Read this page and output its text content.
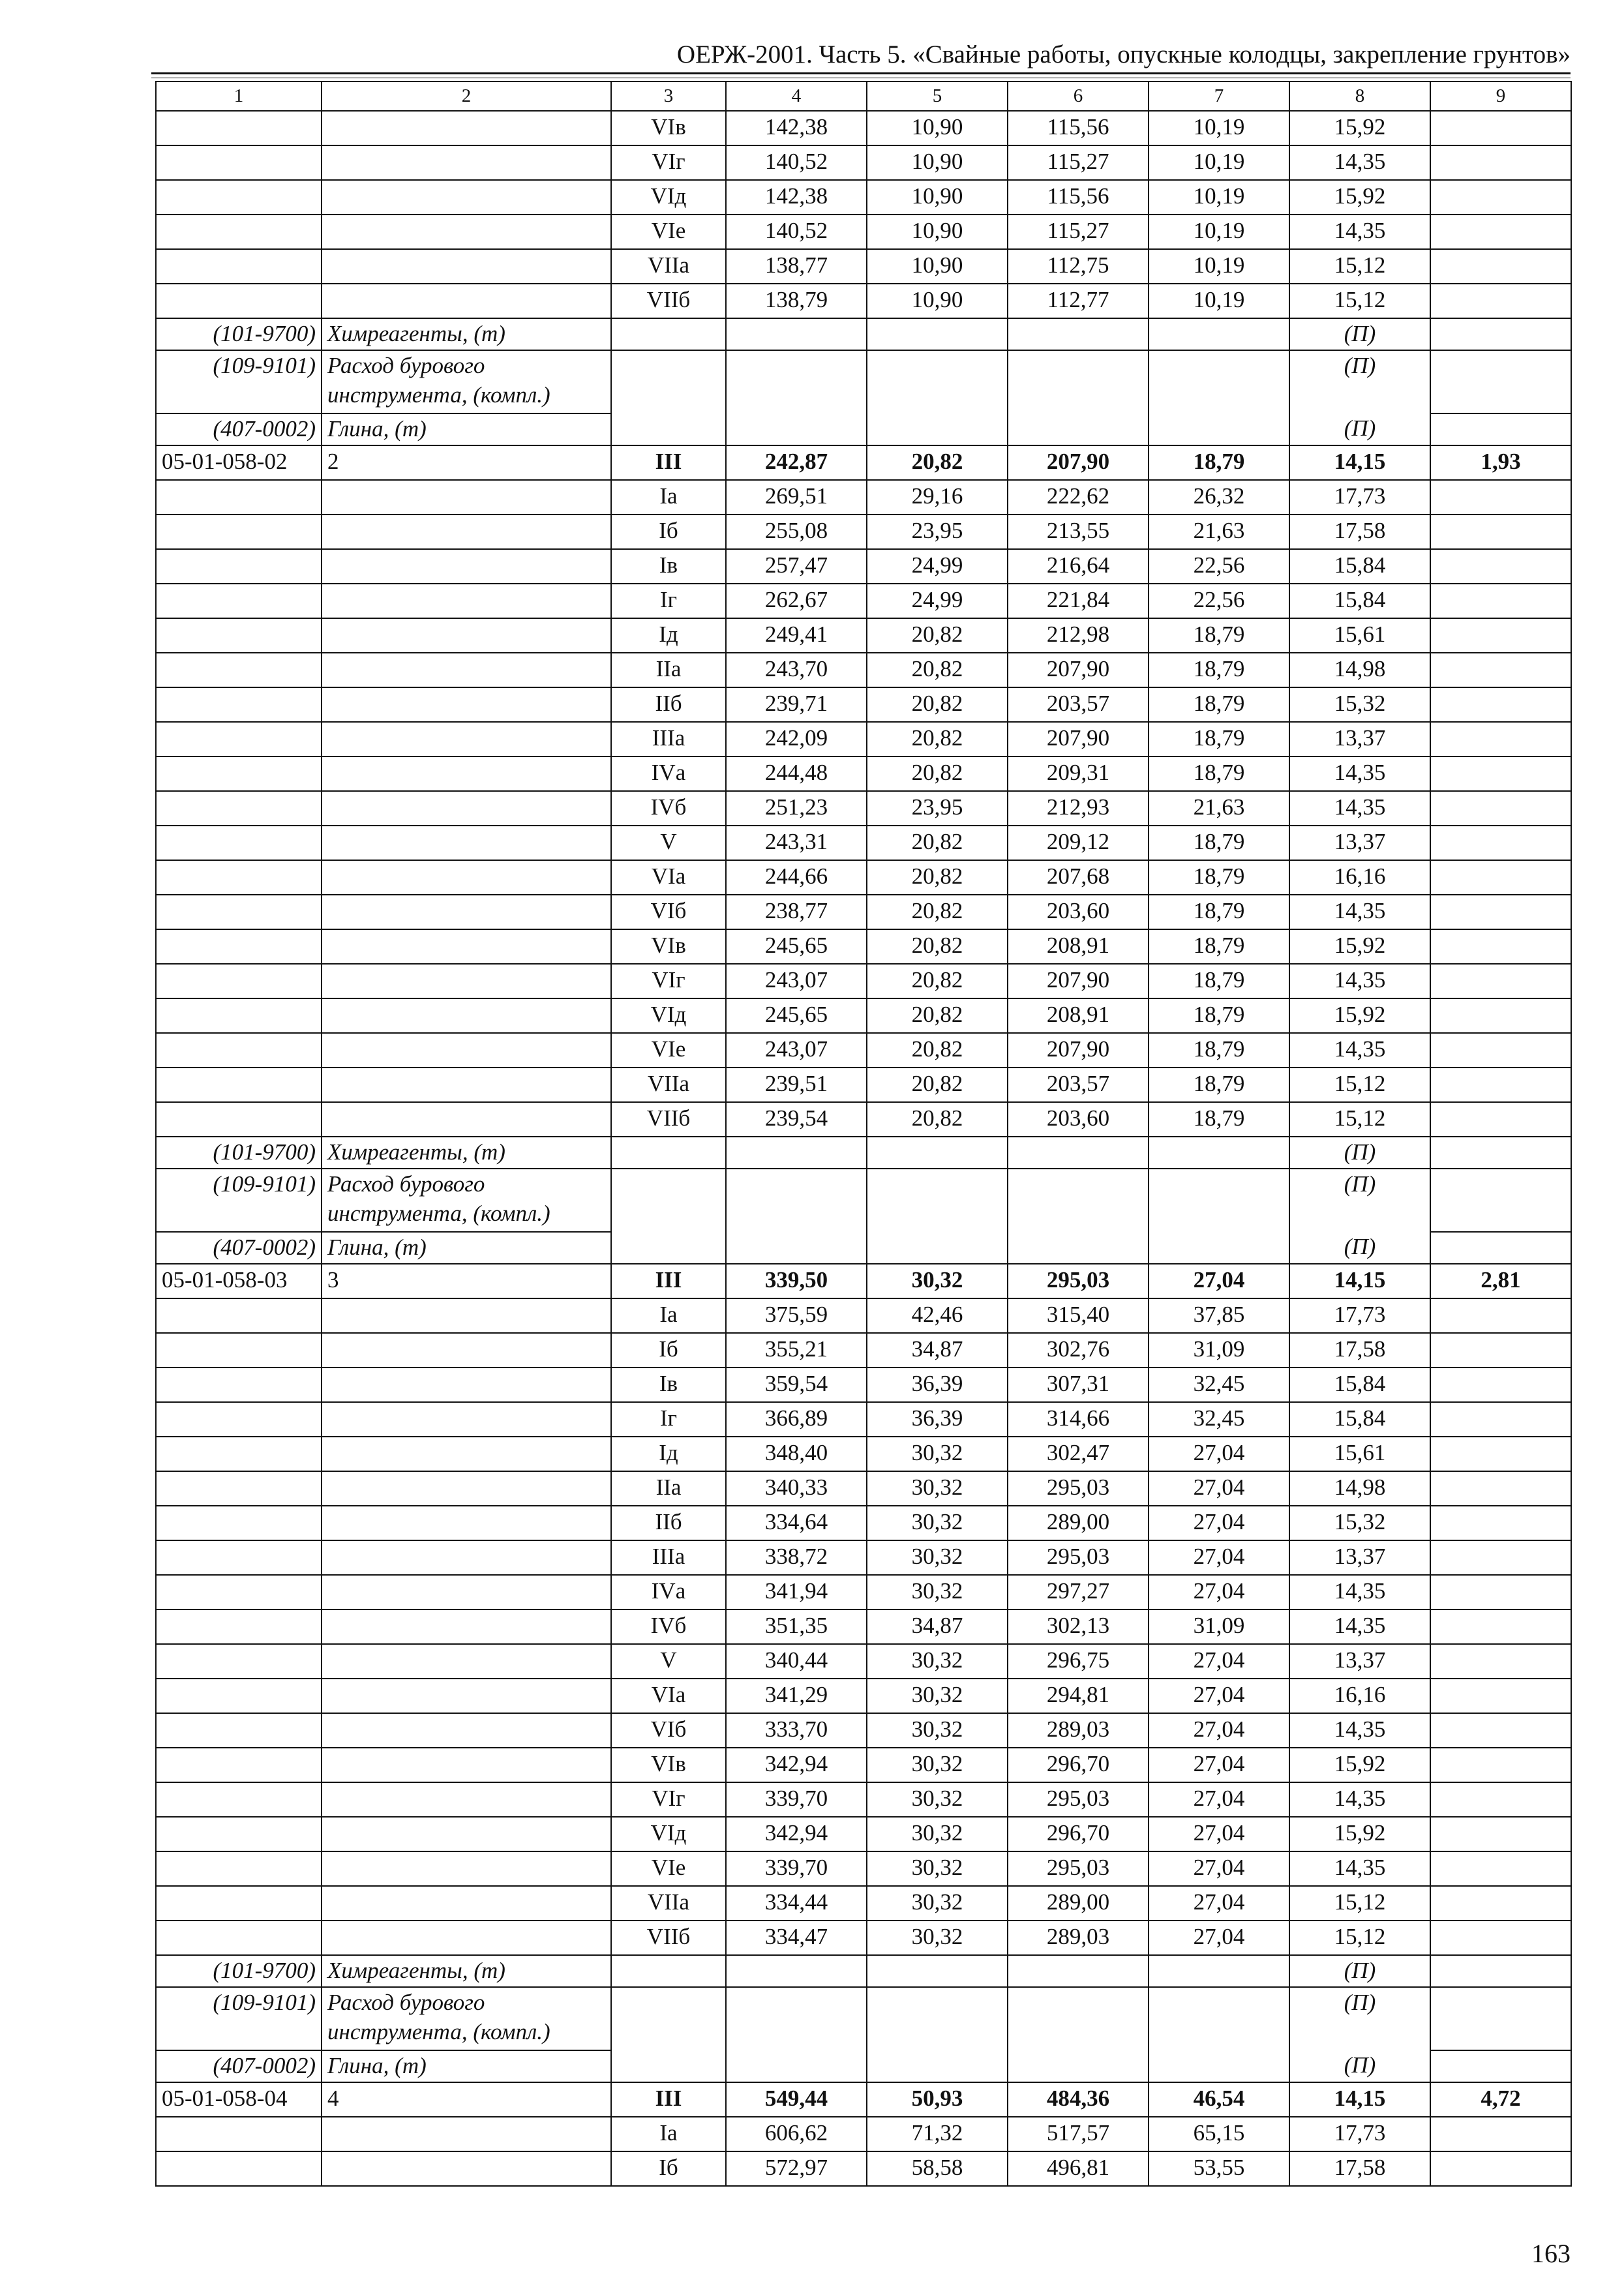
ОЕРЖ-2001. Часть 5. «Свайные работы, опускные колодцы, закрепление грунтов»
1	2	3	4	5	6	7	8	9
		VIв	142,38	10,90	115,56	10,19	15,92	
		VIг	140,52	10,90	115,27	10,19	14,35	
		VIд	142,38	10,90	115,56	10,19	15,92	
		VIе	140,52	10,90	115,27	10,19	14,35	
		VIIа	138,77	10,90	112,75	10,19	15,12	
		VIIб	138,79	10,90	112,77	10,19	15,12	
(101-9700)	Химреагенты, (т)						(П)	
(109-9101)	Расход бурового инструмента, (компл.)						(П)	
(407-0002)	Глина, (т)						(П)	
05-01-058-02	2	III	242,87	20,82	207,90	18,79	14,15	1,93
		Iа	269,51	29,16	222,62	26,32	17,73	
		Iб	255,08	23,95	213,55	21,63	17,58	
		Iв	257,47	24,99	216,64	22,56	15,84	
		Iг	262,67	24,99	221,84	22,56	15,84	
		Iд	249,41	20,82	212,98	18,79	15,61	
		IIа	243,70	20,82	207,90	18,79	14,98	
		IIб	239,71	20,82	203,57	18,79	15,32	
		IIIа	242,09	20,82	207,90	18,79	13,37	
		IVа	244,48	20,82	209,31	18,79	14,35	
		IVб	251,23	23,95	212,93	21,63	14,35	
		V	243,31	20,82	209,12	18,79	13,37	
		VIа	244,66	20,82	207,68	18,79	16,16	
		VIб	238,77	20,82	203,60	18,79	14,35	
		VIв	245,65	20,82	208,91	18,79	15,92	
		VIг	243,07	20,82	207,90	18,79	14,35	
		VIд	245,65	20,82	208,91	18,79	15,92	
		VIе	243,07	20,82	207,90	18,79	14,35	
		VIIа	239,51	20,82	203,57	18,79	15,12	
		VIIб	239,54	20,82	203,60	18,79	15,12	
(101-9700)	Химреагенты, (т)						(П)	
(109-9101)	Расход бурового инструмента, (компл.)						(П)	
(407-0002)	Глина, (т)						(П)	
05-01-058-03	3	III	339,50	30,32	295,03	27,04	14,15	2,81
		Iа	375,59	42,46	315,40	37,85	17,73	
		Iб	355,21	34,87	302,76	31,09	17,58	
		Iв	359,54	36,39	307,31	32,45	15,84	
		Iг	366,89	36,39	314,66	32,45	15,84	
		Iд	348,40	30,32	302,47	27,04	15,61	
		IIа	340,33	30,32	295,03	27,04	14,98	
		IIб	334,64	30,32	289,00	27,04	15,32	
		IIIа	338,72	30,32	295,03	27,04	13,37	
		IVа	341,94	30,32	297,27	27,04	14,35	
		IVб	351,35	34,87	302,13	31,09	14,35	
		V	340,44	30,32	296,75	27,04	13,37	
		VIа	341,29	30,32	294,81	27,04	16,16	
		VIб	333,70	30,32	289,03	27,04	14,35	
		VIв	342,94	30,32	296,70	27,04	15,92	
		VIг	339,70	30,32	295,03	27,04	14,35	
		VIд	342,94	30,32	296,70	27,04	15,92	
		VIе	339,70	30,32	295,03	27,04	14,35	
		VIIа	334,44	30,32	289,00	27,04	15,12	
		VIIб	334,47	30,32	289,03	27,04	15,12	
(101-9700)	Химреагенты, (т)						(П)	
(109-9101)	Расход бурового инструмента, (компл.)						(П)	
(407-0002)	Глина, (т)						(П)	
05-01-058-04	4	III	549,44	50,93	484,36	46,54	14,15	4,72
		Iа	606,62	71,32	517,57	65,15	17,73	
		Iб	572,97	58,58	496,81	53,55	17,58	
163
